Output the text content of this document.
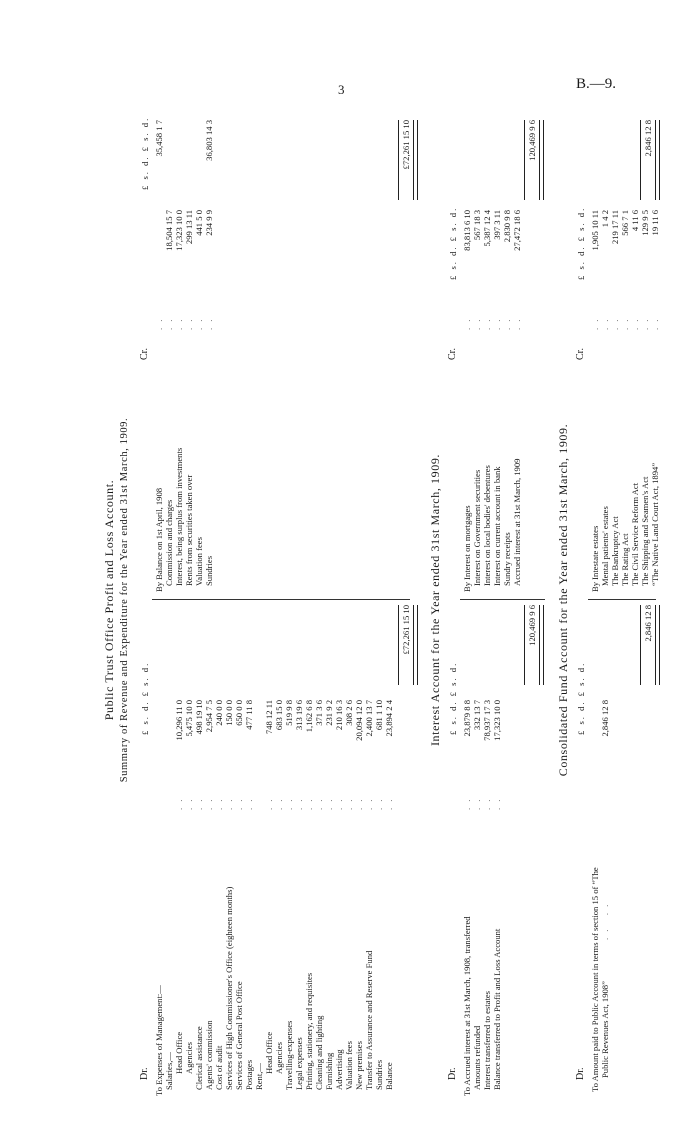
3	B.—9.
Public Trust Office Profit and Loss Account. Summary of Revenue and Expenditure for the Year ended 31st March, 1909.
Dr.
£ s. d. £ s. d.
Cr.
£ s. d. £ s. d.
To Expenses of Management:— Salaries,— Head Office
. .
10,296 11 0
Agencies
. .
5,475 10 0
Clerical assistance
. .
498 19 10
Agents' commission
. .
2,954 7 5
Cost of audit
. .
240 0 0
Services of High Commissioner's Office (eighteen months)
. .
150 0 0
Services of General Post Office
. .
650 0 0
Postages
. .
477 11 8
Rent,—
Head Office
. .
748 12 11
Agencies
. .
683 15 0
Travelling-expenses
. .
519 9 8
Legal expenses
. .
313 19 6
Printing, stationery, and requisites
. .
1,162 6 8
Cleaning and lighting
. .
371 3 6
Furnishing
. .
231 9 2
Advertising
. .
210 16 3
Valuation fees
. .
308 2 6
New premises
. .
20,094 12 0
Transfer to Assurance and Reserve Fund
. .
2,400 13 7
Sundries
. .
681 1 10
Balance
. .
23,894 2 4
By Balance on 1st April, 1908
. .
35,458 1 7
Commission and charges
. .
18,504 15 7
Interest, being surplus from investments
. .
17,323 10 0
Rents from securities taken over
. .
299 13 11
Valuation fees
. .
441 5 0
Sundries
. .
234 9 9
36,803 14 3
£72,261 15 10
£72,261 15 10
Interest Account for the Year ended 31st March, 1909.
Dr.
£ s. d. £ s. d.
Cr.
£ s. d. £ s. d.
To Accrued interest at 31st March, 1908, transferred
. .
23,879 8 8
Amounts refunded
. .
332 13 7
Interest transferred to estates
. .
78,937 17 3
Balance transferred to Profit and Loss Account
. .
17,323 10 0
By Interest on mortgages
. .
83,813 6 10
Interest on Government securities
. .
567 18 3
Interest on local bodies' debentures
. .
5,387 12 4
Interest on current account in bank
. .
397 3 11
Sundry receipts
. .
2,830 9 8
Accrued interest at 31st March, 1909
. .
27,472 18 6
120,469 9 6
120,469 9 6
Consolidated Fund Account for the Year ended 31st March, 1909.
Dr.
£ s. d. £ s. d.
Cr.
£ s. d. £ s. d.
To Amount paid to Public Account in terms of section 15 of “The Public Revenues Act, 1908”
. .   . .
2,846 12 8
By Intestate estates
. .
1,905 10 11
Mental patients' estates
. .
1 4 2
The Bankruptcy Act
. .
219 17 11
The Rating Act
. .
566 7 1
The Civil Service Reform Act
. .
4 11 6
The Shipping and Seamen's Act
. .
129 9 5
“The Native Land Court Act, 1894”
. .
19 11 6
2,846 12 8
2,846 12 8
